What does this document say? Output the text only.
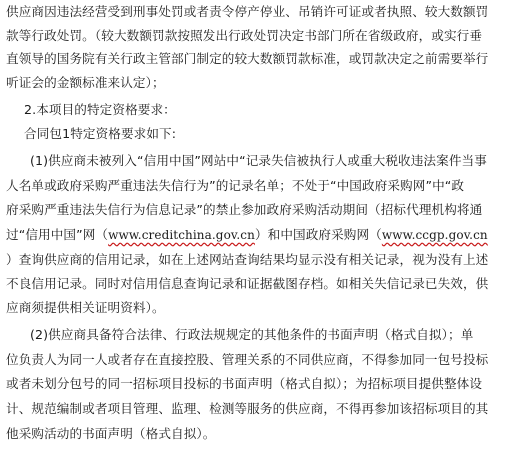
供应商因违法经营受到刑事处罚或者责令停产停业、吊销许可证或者执照、较大数额罚
款等行政处罚。（较大数额罚款按照发出行政处罚决定书部门所在省级政府，或实行垂
直领导的国务院有关行政主管部门制定的较大数额罚款标准，或罚款决定之前需要举行
听证会的金额标准来认定）；
2.本项目的特定资格要求：
合同包1特定资格要求如下:
(1)供应商未被列入“信用中国”网站中“记录失信被执行人或重大税收违法案件当事
人名单或政府采购严重违法失信行为”的记录名单；不处于“中国政府采购网”中“政
府采购严重违法失信行为信息记录”的禁止参加政府采购活动期间（招标代理机构将通
过“信用中国”网（www.creditchina.gov.cn）和中国政府采购网（www.ccgp.gov.cn
）查询供应商的信用记录，如在上述网站查询结果均显示没有相关记录，视为没有上述
不良信用记录。同时对信用信息查询记录和证据截图存档。如相关失信记录已失效，供
应商须提供相关证明资料）。
(2)供应商具备符合法律、行政法规规定的其他条件的书面声明（格式自拟）；单
位负责人为同一人或者存在直接控股、管理关系的不同供应商，不得参加同一包号投标
或者未划分包号的同一招标项目投标的书面声明（格式自拟）；为招标项目提供整体设
计、规范编制或者项目管理、监理、检测等服务的供应商，不得再参加该招标项目的其
他采购活动的书面声明（格式自拟）。
